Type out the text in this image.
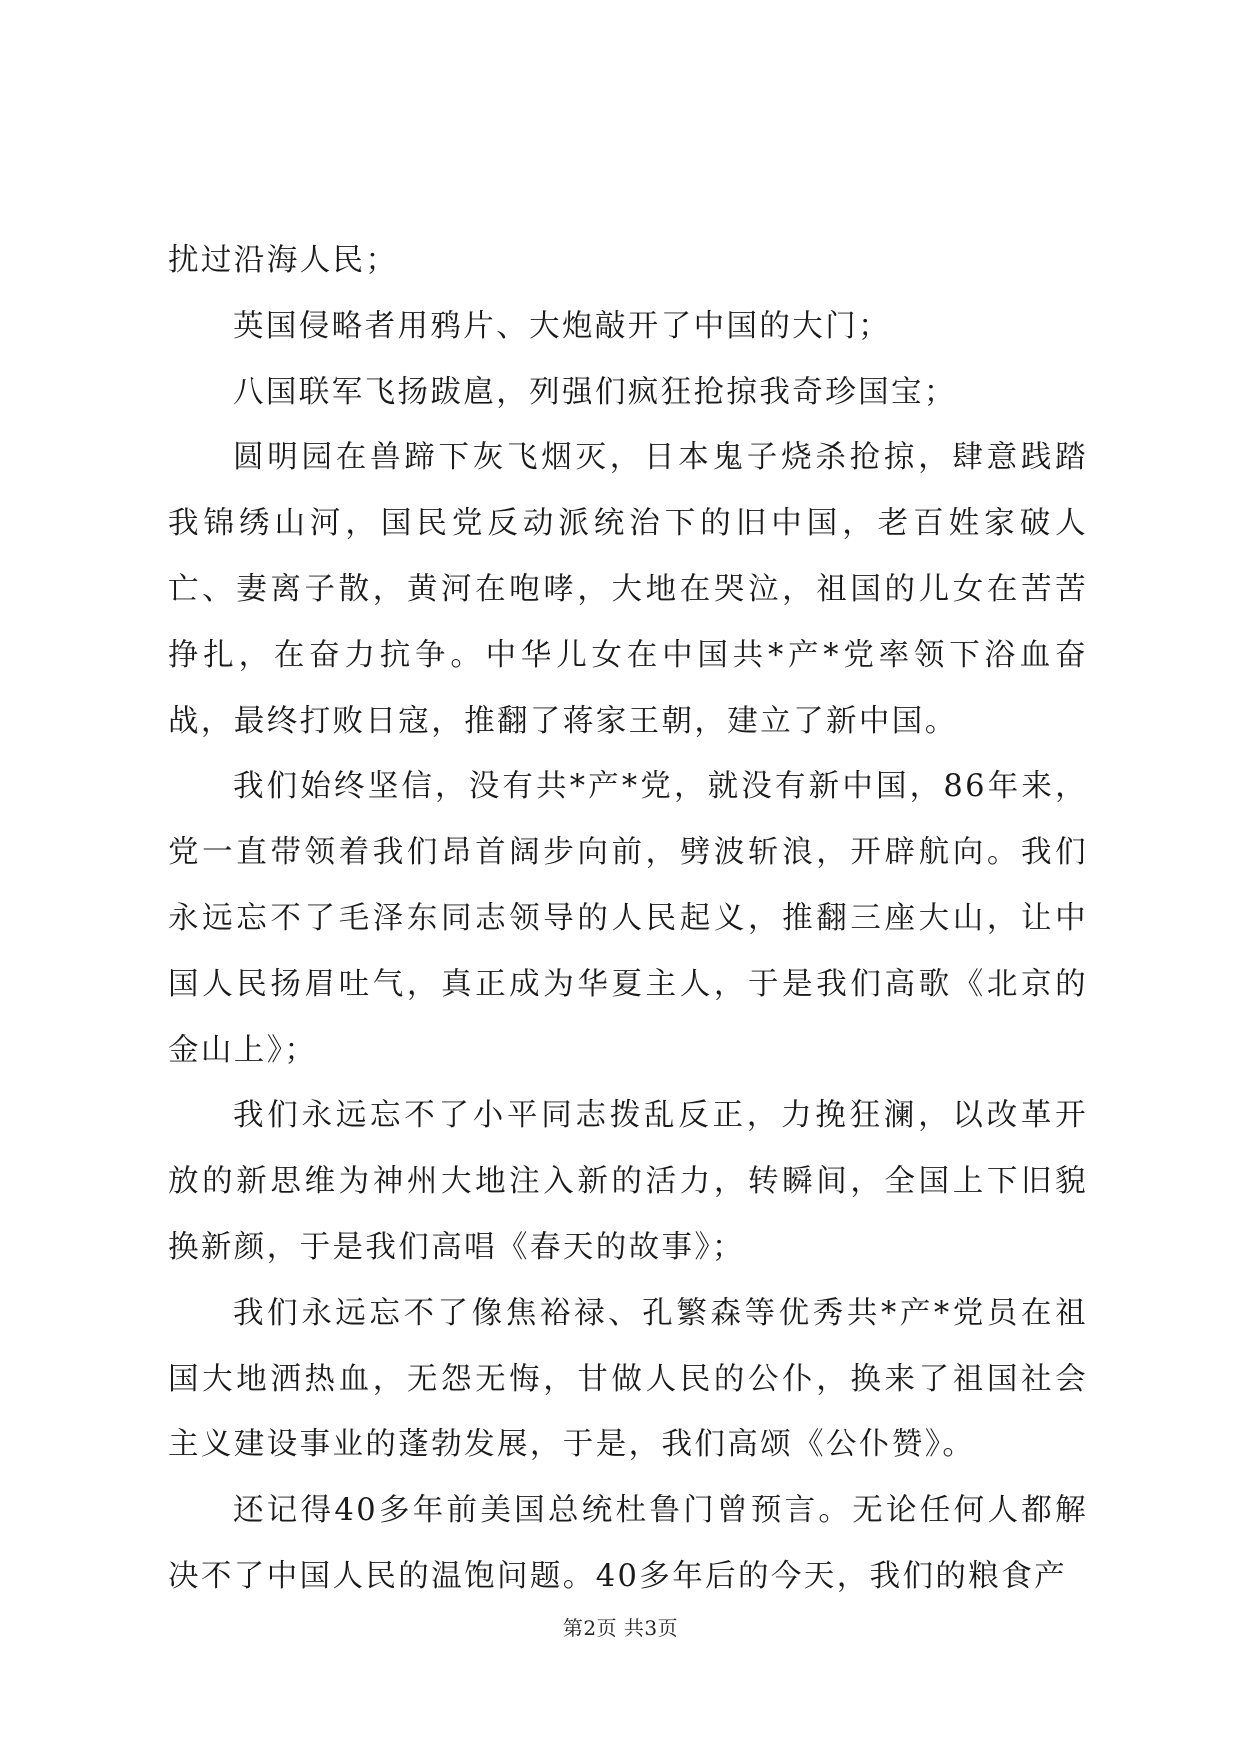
扰过沿海人民；

英国侵略者用鸦片、大炮敲开了中国的大门；

八国联军飞扬跋扈，列强们疯狂抢掠我奇珍国宝；

圆明园在兽蹄下灰飞烟灭，日本鬼子烧杀抢掠，肆意践踏我锦绣山河，国民党反动派统治下的旧中国，老百姓家破人亡、妻离子散，黄河在咆哮，大地在哭泣，祖国的儿女在苦苦挣扎，在奋力抗争。中华儿女在中国共*产*党率领下浴血奋战，最终打败日寇，推翻了蒋家王朝，建立了新中国。

我们始终坚信，没有共*产*党，就没有新中国，86年来，党一直带领着我们昂首阔步向前，劈波斩浪，开辟航向。我们永远忘不了毛泽东同志领导的人民起义，推翻三座大山，让中国人民扬眉吐气，真正成为华夏主人，于是我们高歌《北京的金山上》；

我们永远忘不了小平同志拨乱反正，力挽狂澜，以改革开放的新思维为神州大地注入新的活力，转瞬间，全国上下旧貌换新颜，于是我们高唱《春天的故事》；

我们永远忘不了像焦裕禄、孔繁森等优秀共*产*党员在祖国大地洒热血，无怨无悔，甘做人民的公仆，换来了祖国社会主义建设事业的蓬勃发展，于是，我们高颂《公仆赞》。

还记得40多年前美国总统杜鲁门曾预言。无论任何人都解决不了中国人民的温饱问题。40多年后的今天，我们的粮食产

第2页 共3页
